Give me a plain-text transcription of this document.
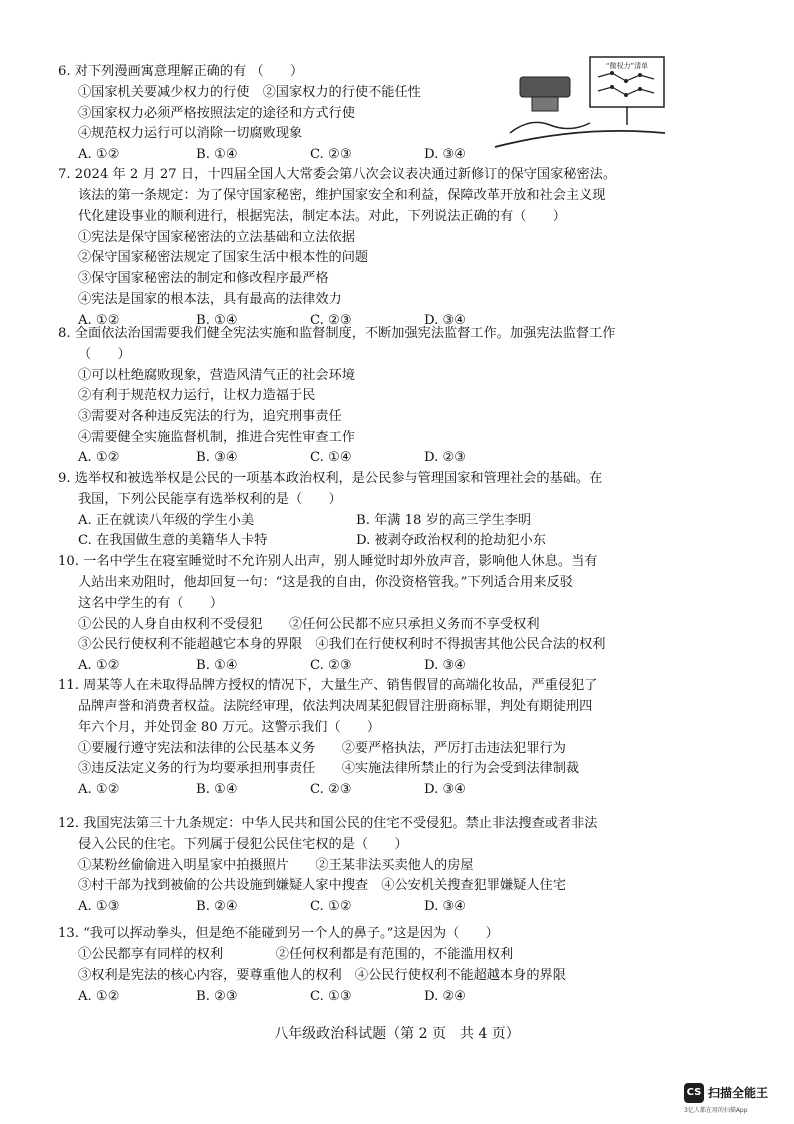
6. 对下列漫画寓意理解正确的有 （　　）
①国家机关要减少权力的行使　②国家权力的行使不能任性
③国家权力必须严格按照法定的途径和方式行使
④规范权力运行可以消除一切腐败现象
A. ①②	B. ①④	C. ②③	D. ③④
“微权力”清单
7. 2024 年 2 月 27 日，十四届全国人大常委会第八次会议表决通过新修订的保守国家秘密法。
该法的第一条规定：为了保守国家秘密，维护国家安全和利益，保障改革开放和社会主义现
代化建设事业的顺利进行，根据宪法，制定本法。对此，下列说法正确的有（　　）
①宪法是保守国家秘密法的立法基础和立法依据
②保守国家秘密法规定了国家生活中根本性的问题
③保守国家秘密法的制定和修改程序最严格
④宪法是国家的根本法，具有最高的法律效力
A. ①②	B. ①④	C. ②③	D. ③④
8. 全面依法治国需要我们健全宪法实施和监督制度，不断加强宪法监督工作。加强宪法监督工作
（　　）
①可以杜绝腐败现象，营造风清气正的社会环境
②有利于规范权力运行，让权力造福于民
③需要对各种违反宪法的行为，追究刑事责任
④需要健全实施监督机制，推进合宪性审查工作
A. ①②	B. ③④	C. ①④	D. ②③
9. 选举权和被选举权是公民的一项基本政治权利，是公民参与管理国家和管理社会的基础。在
我国，下列公民能享有选举权利的是（　　）
A. 正在就读八年级的学生小美	B. 年满 18 岁的高三学生李明
C. 在我国做生意的美籍华人卡特	D. 被剥夺政治权利的抢劫犯小东
10. 一名中学生在寝室睡觉时不允许别人出声，别人睡觉时却外放声音，影响他人休息。当有
人站出来劝阻时，他却回复一句：“这是我的自由，你没资格管我。”下列适合用来反驳
这名中学生的有（　　）
①公民的人身自由权利不受侵犯　　②任何公民都不应只承担义务而不享受权利
③公民行使权利不能超越它本身的界限　④我们在行使权利时不得损害其他公民合法的权利
A. ①②	B. ①④	C. ②③	D. ③④
11. 周某等人在未取得品牌方授权的情况下，大量生产、销售假冒的高端化妆品，严重侵犯了
品牌声誉和消费者权益。法院经审理，依法判决周某犯假冒注册商标罪，判处有期徒刑四
年六个月，并处罚金 80 万元。这警示我们（　　）
①要履行遵守宪法和法律的公民基本义务　　②要严格执法，严厉打击违法犯罪行为
③违反法定义务的行为均要承担刑事责任　　④实施法律所禁止的行为会受到法律制裁
A. ①②	B. ①④	C. ②③	D. ③④
12. 我国宪法第三十九条规定：中华人民共和国公民的住宅不受侵犯。禁止非法搜查或者非法
侵入公民的住宅。下列属于侵犯公民住宅权的是（　　）
①某粉丝偷偷进入明星家中拍摄照片　　②王某非法买卖他人的房屋
③村干部为找到被偷的公共设施到嫌疑人家中搜查　④公安机关搜查犯罪嫌疑人住宅
A. ①③	B. ②④	C. ①②	D. ③④
13. “我可以挥动拳头，但是绝不能碰到另一个人的鼻子。”这是因为（　　）
①公民都享有同样的权利　　　　②任何权利都是有范围的，不能滥用权利
③权利是宪法的核心内容，要尊重他人的权利　④公民行使权利不能超越本身的界限
A. ①②	B. ②③	C. ①③	D. ②④
八年级政治科试题（第 2 页　共 4 页）
CS 扫描全能王
3亿人都在用的扫描App
